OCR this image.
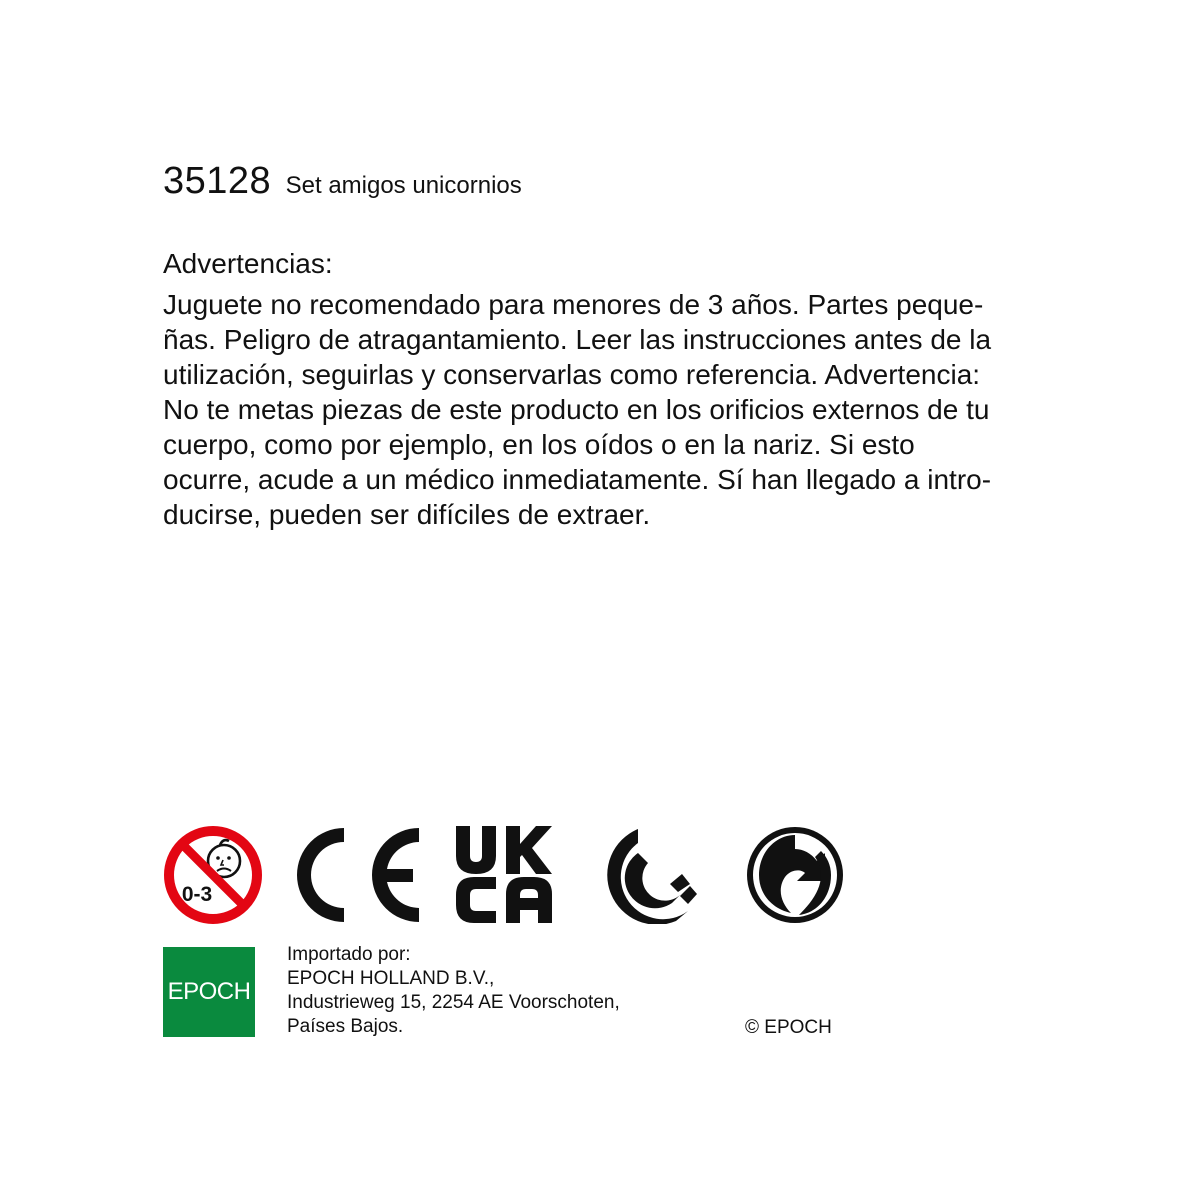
35128 Set amigos unicornios
Advertencias:
Juguete no recomendado para menores de 3 años. Partes peque-
ñas. Peligro de atragantamiento. Leer las instrucciones antes de la
utilización, seguirlas y conservarlas como referencia. Advertencia:
No te metas piezas de este producto en los orificios externos de tu
cuerpo, como por ejemplo, en los oídos o en la nariz. Si esto
ocurre, acude a un médico inmediatamente. Sí han llegado a intro-
ducirse, pueden ser difíciles de extraer.
0-3
EPOCH
Importado por:
EPOCH HOLLAND B.V.,
Industrieweg 15, 2254 AE Voorschoten,
Países Bajos.	© EPOCH
